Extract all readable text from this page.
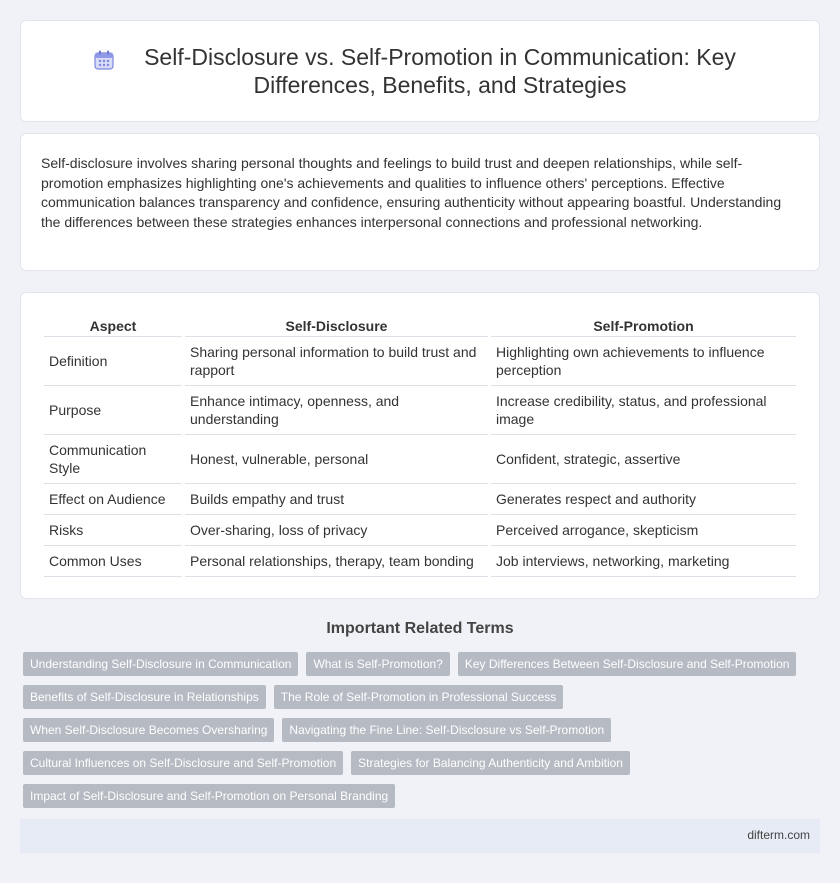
Self-Disclosure vs. Self-Promotion in Communication: Key Differences, Benefits, and Strategies

Self-disclosure involves sharing personal thoughts and feelings to build trust and deepen relationships, while self-promotion emphasizes highlighting one's achievements and qualities to influence others' perceptions. Effective communication balances transparency and confidence, ensuring authenticity without appearing boastful. Understanding the differences between these strategies enhances interpersonal connections and professional networking.

Aspect	Self-Disclosure	Self-Promotion
Definition	Sharing personal information to build trust and rapport	Highlighting own achievements to influence perception
Purpose	Enhance intimacy, openness, and understanding	Increase credibility, status, and professional image
Communication Style	Honest, vulnerable, personal	Confident, strategic, assertive
Effect on Audience	Builds empathy and trust	Generates respect and authority
Risks	Over-sharing, loss of privacy	Perceived arrogance, skepticism
Common Uses	Personal relationships, therapy, team bonding	Job interviews, networking, marketing
Important Related Terms
Understanding Self-Disclosure in Communication	What is Self-Promotion?	Key Differences Between Self-Disclosure and Self-Promotion
Benefits of Self-Disclosure in Relationships	The Role of Self-Promotion in Professional Success
When Self-Disclosure Becomes Oversharing	Navigating the Fine Line: Self-Disclosure vs Self-Promotion
Cultural Influences on Self-Disclosure and Self-Promotion	Strategies for Balancing Authenticity and Ambition
Impact of Self-Disclosure and Self-Promotion on Personal Branding
difterm.com
